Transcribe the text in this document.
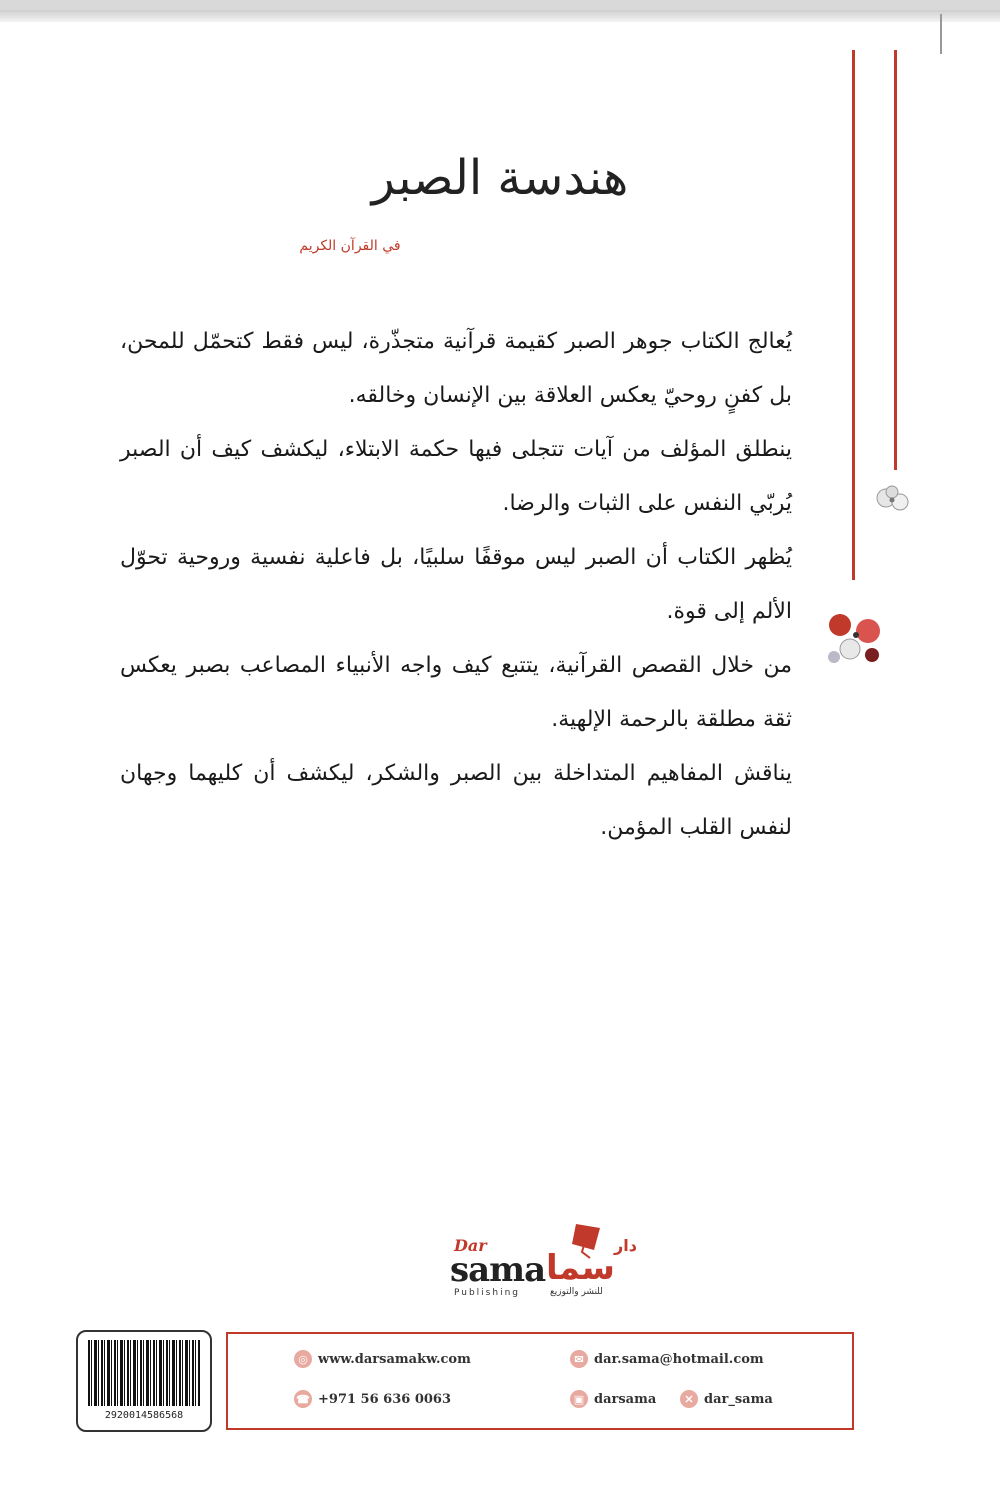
هندسة الصبر
في القرآن الكريم

يُعالج الكتاب جوهر الصبر كقيمة قرآنية متجذّرة، ليس فقط كتحمّل للمحن، بل كفنٍ روحيّ يعكس العلاقة بين الإنسان وخالقه.

ينطلق المؤلف من آيات تتجلى فيها حكمة الابتلاء، ليكشف كيف أن الصبر يُربّي النفس على الثبات والرضا.

يُظهر الكتاب أن الصبر ليس موقفًا سلبيًا، بل فاعلية نفسية وروحية تحوّل الألم إلى قوة.

من خلال القصص القرآنية، يتتبع كيف واجه الأنبياء المصاعب بصبر يعكس ثقة مطلقة بالرحمة الإلهية.

يناقش المفاهيم المتداخلة بين الصبر والشكر، ليكشف أن كليهما وجهان لنفس القلب المؤمن.

Dar	دار
sama سما
Publishing	للنشر والتوزيع
2920014586568
◎ www.darsamakw.com	✉ dar.sama@hotmail.com
☎ +971 56 636 0063	▣ darsama	✕ dar_sama
